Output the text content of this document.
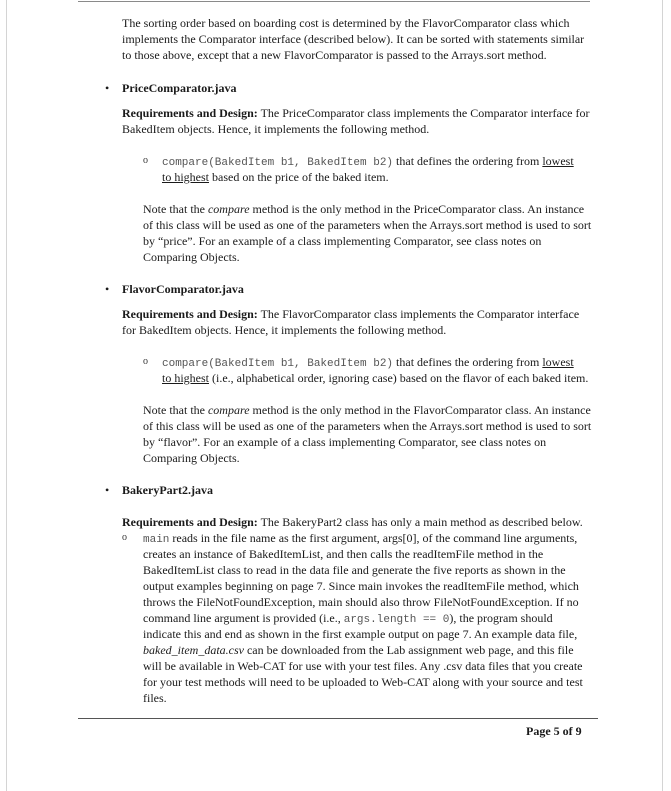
The sorting order based on boarding cost is determined by the FlavorComparator class which

implements the Comparator interface (described below). It can be sorted with statements similar

to those above, except that a new FlavorComparator is passed to the Arrays.sort method.

• PriceComparator.java

Requirements and Design: The PriceComparator class implements the Comparator interface for

BakedItem objects. Hence, it implements the following method.

o compare(BakedItem b1, BakedItem b2) that defines the ordering from lowest

to highest based on the price of the baked item.

Note that the compare method is the only method in the PriceComparator class. An instance

of this class will be used as one of the parameters when the Arrays.sort method is used to sort

by “price”. For an example of a class implementing Comparator, see class notes on

Comparing Objects.

• FlavorComparator.java

Requirements and Design: The FlavorComparator class implements the Comparator interface

for BakedItem objects. Hence, it implements the following method.

o compare(BakedItem b1, BakedItem b2) that defines the ordering from lowest

to highest (i.e., alphabetical order, ignoring case) based on the flavor of each baked item.

Note that the compare method is the only method in the FlavorComparator class. An instance

of this class will be used as one of the parameters when the Arrays.sort method is used to sort

by “flavor”. For an example of a class implementing Comparator, see class notes on

Comparing Objects.

• BakeryPart2.java

Requirements and Design: The BakeryPart2 class has only a main method as described below.

o main reads in the file name as the first argument, args[0], of the command line arguments,

creates an instance of BakedItemList, and then calls the readItemFile method in the

BakedItemList class to read in the data file and generate the five reports as shown in the

output examples beginning on page 7. Since main invokes the readItemFile method, which

throws the FileNotFoundException, main should also throw FileNotFoundException. If no

command line argument is provided (i.e., args.length == 0), the program should

indicate this and end as shown in the first example output on page 7. An example data file,

baked_item_data.csv can be downloaded from the Lab assignment web page, and this file

will be available in Web-CAT for use with your test files. Any .csv data files that you create

for your test methods will need to be uploaded to Web-CAT along with your source and test

files.

Page 5 of 9
